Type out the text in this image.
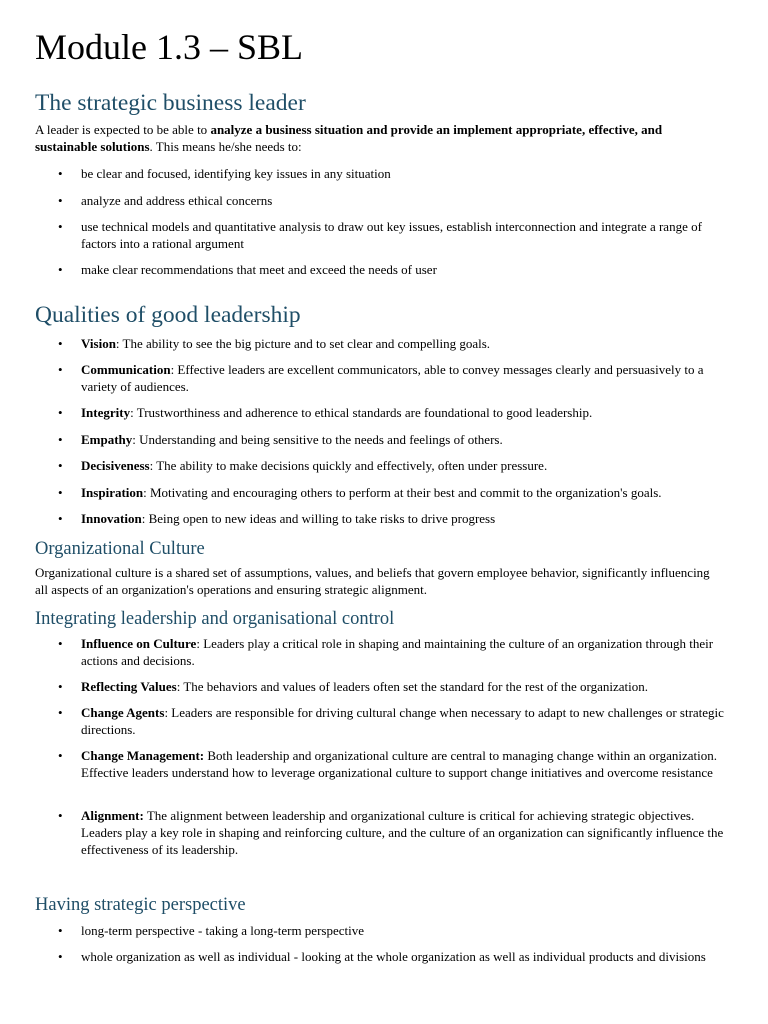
Module 1.3 – SBL
The strategic business leader

A leader is expected to be able to analyze a business situation and provide an implement appropriate, effective, and sustainable solutions. This means he/she needs to:

• be clear and focused, identifying key issues in any situation
• analyze and address ethical concerns
• use technical models and quantitative analysis to draw out key issues, establish interconnection and integrate a range of factors into a rational argument
• make clear recommendations that meet and exceed the needs of user
Qualities of good leadership
• Vision: The ability to see the big picture and to set clear and compelling goals.
• Communication: Effective leaders are excellent communicators, able to convey messages clearly and persuasively to a variety of audiences.
• Integrity: Trustworthiness and adherence to ethical standards are foundational to good leadership.
• Empathy: Understanding and being sensitive to the needs and feelings of others.
• Decisiveness: The ability to make decisions quickly and effectively, often under pressure.
• Inspiration: Motivating and encouraging others to perform at their best and commit to the organization's goals.
• Innovation: Being open to new ideas and willing to take risks to drive progress
Organizational Culture

Organizational culture is a shared set of assumptions, values, and beliefs that govern employee behavior, significantly influencing all aspects of an organization's operations and ensuring strategic alignment.

Integrating leadership and organisational control
• Influence on Culture: Leaders play a critical role in shaping and maintaining the culture of an organization through their actions and decisions.
• Reflecting Values: The behaviors and values of leaders often set the standard for the rest of the organization.
• Change Agents: Leaders are responsible for driving cultural change when necessary to adapt to new challenges or strategic directions.
• Change Management: Both leadership and organizational culture are central to managing change within an organization. Effective leaders understand how to leverage organizational culture to support change initiatives and overcome resistance
• Alignment: The alignment between leadership and organizational culture is critical for achieving strategic objectives. Leaders play a key role in shaping and reinforcing culture, and the culture of an organization can significantly influence the effectiveness of its leadership.
Having strategic perspective
• long-term perspective - taking a long-term perspective
• whole organization as well as individual - looking at the whole organization as well as individual products and divisions
